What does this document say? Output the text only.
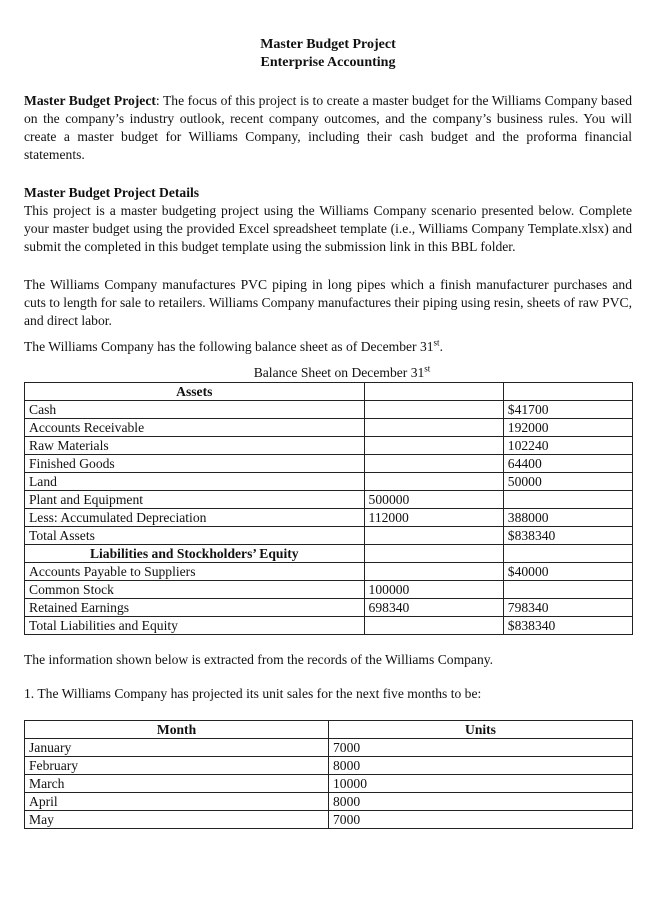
Master Budget Project
Enterprise Accounting

Master Budget Project: The focus of this project is to create a master budget for the Williams Company based on the company’s industry outlook, recent company outcomes, and the company’s business rules. You will create a master budget for Williams Company, including their cash budget and the proforma financial statements.

Master Budget Project Details

This project is a master budgeting project using the Williams Company scenario presented below. Complete your master budget using the provided Excel spreadsheet template (i.e., Williams Company Template.xlsx) and submit the completed in this budget template using the submission link in this BBL folder.

The Williams Company manufactures PVC piping in long pipes which a finish manufacturer purchases and cuts to length for sale to retailers. Williams Company manufactures their piping using resin, sheets of raw PVC, and direct labor.

The Williams Company has the following balance sheet as of December 31st.

Balance Sheet on December 31st
Assets		
Cash		$41700
Accounts Receivable		192000
Raw Materials		102240
Finished Goods		64400
Land		50000
Plant and Equipment	500000	
Less: Accumulated Depreciation	112000	388000
Total Assets		$838340
Liabilities and Stockholders’ Equity		
Accounts Payable to Suppliers		$40000
Common Stock	100000	
Retained Earnings	698340	798340
Total Liabilities and Equity		$838340

The information shown below is extracted from the records of the Williams Company.

1. The Williams Company has projected its unit sales for the next five months to be:

Month	Units
January	7000
February	8000
March	10000
April	8000
May	7000
